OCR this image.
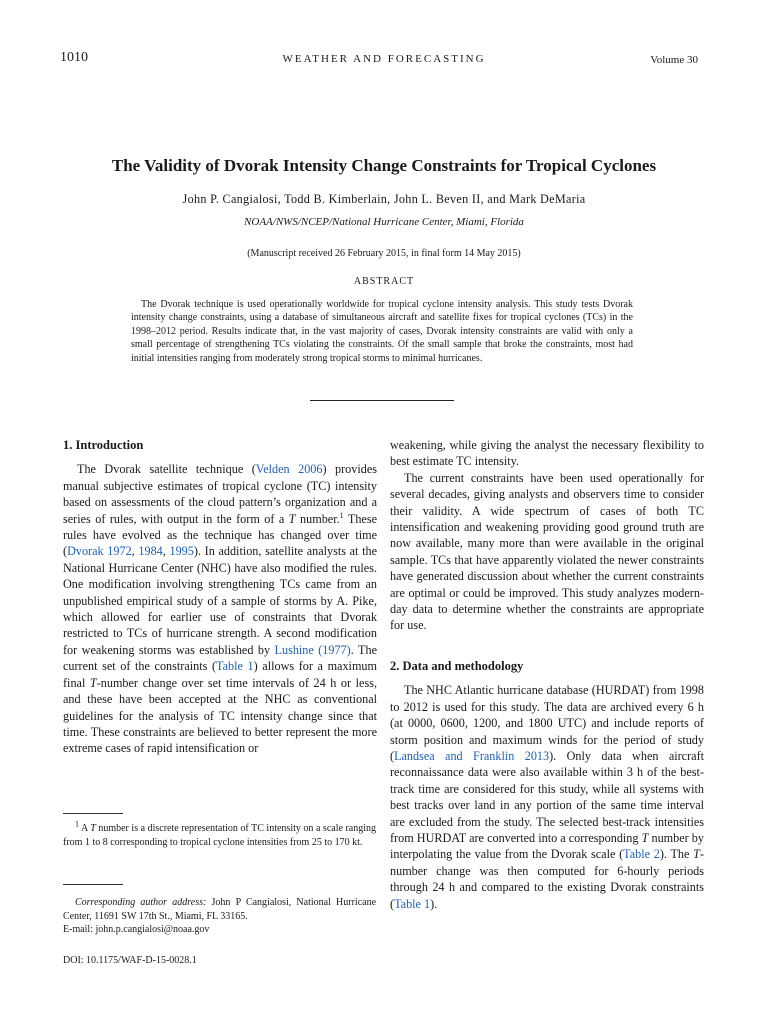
1010	WEATHER AND FORECASTING	Volume 30
The Validity of Dvorak Intensity Change Constraints for Tropical Cyclones
John P. Cangialosi, Todd B. Kimberlain, John L. Beven II, and Mark DeMaria
NOAA/NWS/NCEP/National Hurricane Center, Miami, Florida
(Manuscript received 26 February 2015, in final form 14 May 2015)
ABSTRACT

The Dvorak technique is used operationally worldwide for tropical cyclone intensity analysis. This study tests Dvorak intensity change constraints, using a database of simultaneous aircraft and satellite fixes for tropical cyclones (TCs) in the 1998–2012 period. Results indicate that, in the vast majority of cases, Dvorak intensity constraints are valid with only a small percentage of strengthening TCs violating the constraints. Of the small sample that broke the constraints, most had initial intensities ranging from moderately strong tropical storms to minimal hurricanes.

1. Introduction

The Dvorak satellite technique (Velden 2006) provides manual subjective estimates of tropical cyclone (TC) intensity based on assessments of the cloud pattern’s organization and a series of rules, with output in the form of a T number.$^1$ These rules have evolved as the technique has changed over time (Dvorak 1972, 1984, 1995). In addition, satellite analysts at the National Hurricane Center (NHC) have also modified the rules. One modification involving strengthening TCs came from an unpublished empirical study of a sample of storms by A. Pike, which allowed for earlier use of constraints that Dvorak restricted to TCs of hurricane strength. A second modification for weakening storms was established by Lushine (1977). The current set of the constraints (Table 1) allows for a maximum final T-number change over set time intervals of 24 h or less, and these have been accepted at the NHC as conventional guidelines for the analysis of TC intensity change since that time. These constraints are believed to better represent the more extreme cases of rapid intensification or

weakening, while giving the analyst the necessary flexibility to best estimate TC intensity.

The current constraints have been used operationally for several decades, giving analysts and observers time to consider their validity. A wide spectrum of cases of both TC intensification and weakening providing good ground truth are now available, many more than were available in the original sample. TCs that have apparently violated the newer constraints have generated discussion about whether the current constraints are optimal or could be improved. This study analyzes modern-day data to determine whether the constraints are appropriate for use.

2. Data and methodology

The NHC Atlantic hurricane database (HURDAT) from 1998 to 2012 is used for this study. The data are archived every 6 h (at 0000, 0600, 1200, and 1800 UTC) and include reports of storm position and maximum winds for the period of study (Landsea and Franklin 2013). Only data when aircraft reconnaissance data were also available within 3 h of the best-track time are considered for this study, while all systems with best tracks over land in any portion of the same time interval are excluded from the study. The selected best-track intensities from HURDAT are converted into a corresponding T number by interpolating the value from the Dvorak scale (Table 2). The T-number change was then computed for 6-hourly periods through 24 h and compared to the existing Dvorak constraints (Table 1).

$^1$ A T number is a discrete representation of TC intensity on a scale ranging from 1 to 8 corresponding to tropical cyclone intensities from 25 to 170 kt.

Corresponding author address: John P Cangialosi, National Hurricane Center, 11691 SW 17th St., Miami, FL 33165.

E-mail: john.p.cangialosi@noaa.gov
DOI: 10.1175/WAF-D-15-0028.1
